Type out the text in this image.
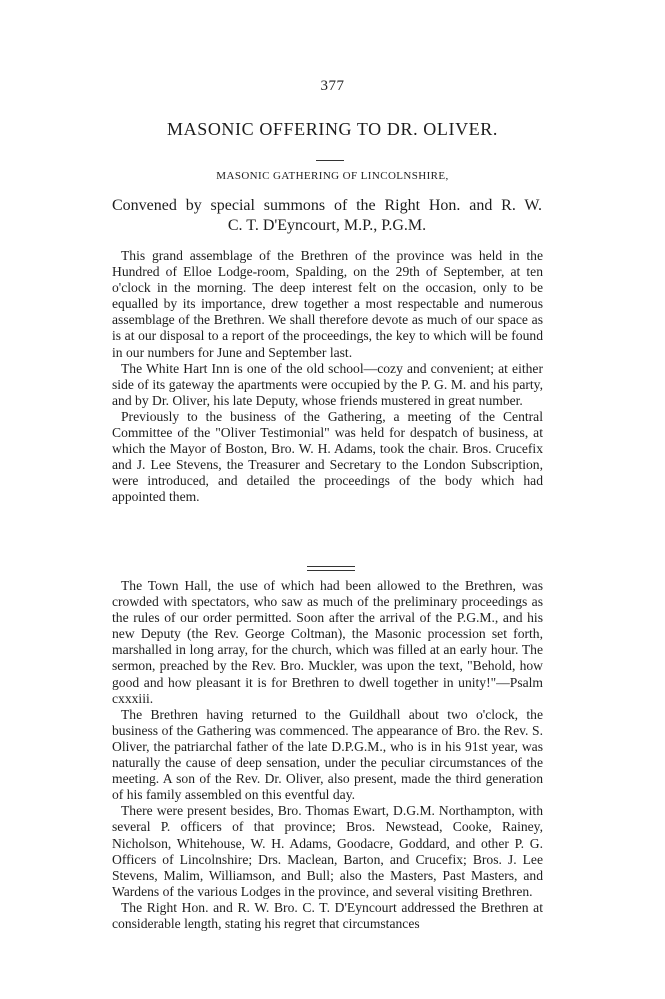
377
MASONIC OFFERING TO DR. OLIVER.
MASONIC GATHERING OF LINCOLNSHIRE,
Convened by special summons of the Right Hon. and R. W.
C. T. D'Eyncourt, M.P., P.G.M.

This grand assemblage of the Brethren of the province was held in the Hundred of Elloe Lodge-room, Spalding, on the 29th of September, at ten o'clock in the morning. The deep interest felt on the occasion, only to be equalled by its importance, drew together a most respectable and numerous assemblage of the Brethren. We shall therefore devote as much of our space as is at our disposal to a report of the proceedings, the key to which will be found in our numbers for June and September last.

The White Hart Inn is one of the old school—cozy and convenient; at either side of its gateway the apartments were occupied by the P. G. M. and his party, and by Dr. Oliver, his late Deputy, whose friends mustered in great number.

Previously to the business of the Gathering, a meeting of the Central Committee of the "Oliver Testimonial" was held for despatch of business, at which the Mayor of Boston, Bro. W. H. Adams, took the chair. Bros. Crucefix and J. Lee Stevens, the Treasurer and Secretary to the London Subscription, were introduced, and detailed the proceedings of the body which had appointed them.

The Town Hall, the use of which had been allowed to the Brethren, was crowded with spectators, who saw as much of the preliminary proceedings as the rules of our order permitted. Soon after the arrival of the P.G.M., and his new Deputy (the Rev. George Coltman), the Masonic procession set forth, marshalled in long array, for the church, which was filled at an early hour. The sermon, preached by the Rev. Bro. Muckler, was upon the text, "Behold, how good and how pleasant it is for Brethren to dwell together in unity!"—Psalm cxxxiii.

The Brethren having returned to the Guildhall about two o'clock, the business of the Gathering was commenced. The appearance of Bro. the Rev. S. Oliver, the patriarchal father of the late D.P.G.M., who is in his 91st year, was naturally the cause of deep sensation, under the peculiar circumstances of the meeting. A son of the Rev. Dr. Oliver, also present, made the third generation of his family assembled on this eventful day.

There were present besides, Bro. Thomas Ewart, D.G.M. Northampton, with several P. officers of that province; Bros. Newstead, Cooke, Rainey, Nicholson, Whitehouse, W. H. Adams, Goodacre, Goddard, and other P. G. Officers of Lincolnshire; Drs. Maclean, Barton, and Crucefix; Bros. J. Lee Stevens, Malim, Williamson, and Bull; also the Masters, Past Masters, and Wardens of the various Lodges in the province, and several visiting Brethren.

The Right Hon. and R. W. Bro. C. T. D'Eyncourt addressed the Brethren at considerable length, stating his regret that circumstances
